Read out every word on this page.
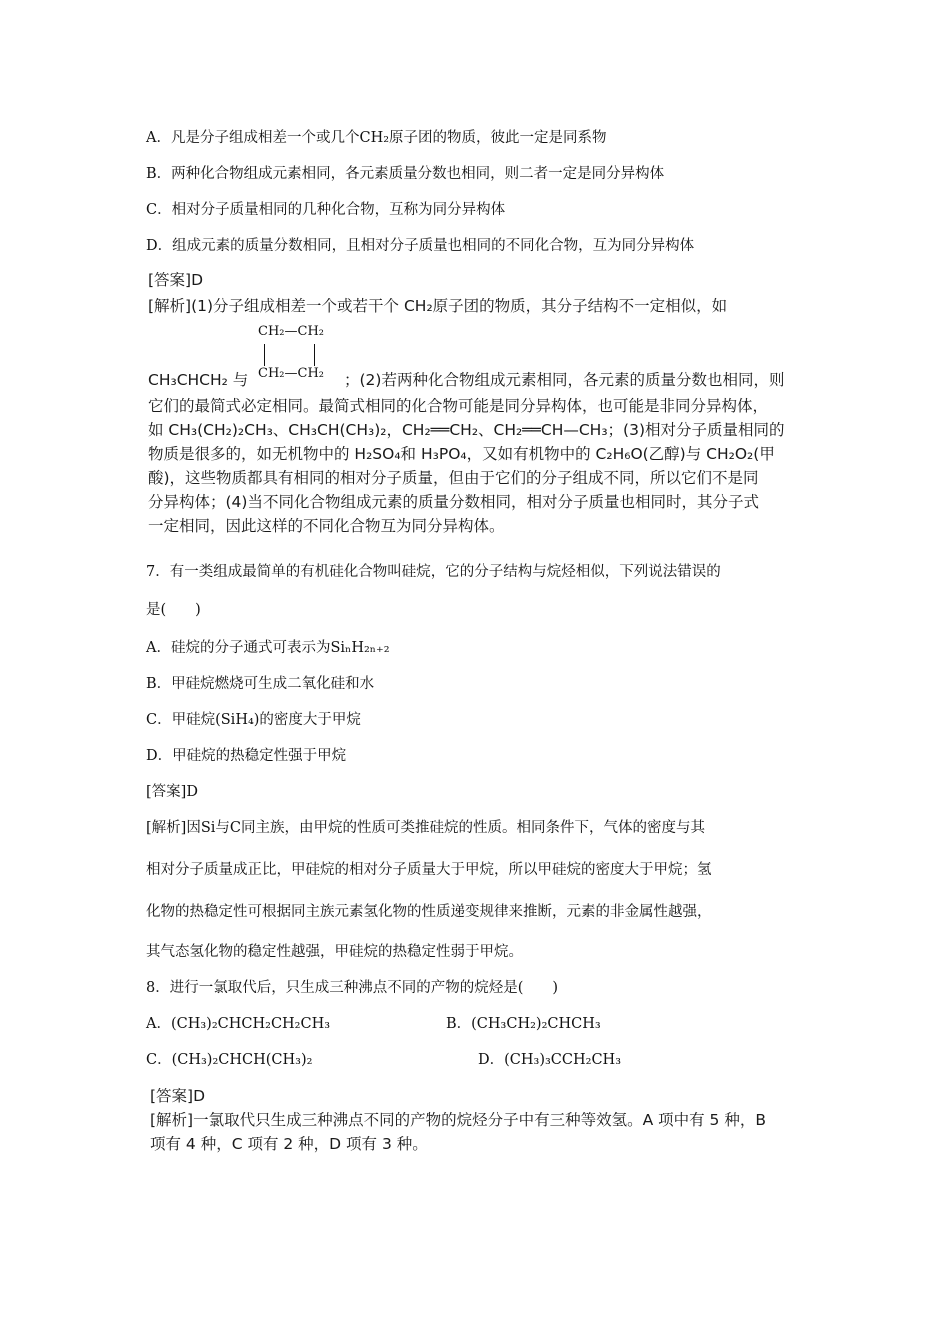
A．凡是分子组成相差一个或几个CH₂原子团的物质，彼此一定是同系物
B．两种化合物组成元素相同，各元素质量分数也相同，则二者一定是同分异构体
C．相对分子质量相同的几种化合物，互称为同分异构体
D．组成元素的质量分数相同，且相对分子质量也相同的不同化合物，互为同分异构体
[答案]D
[解析](1)分子组成相差一个或若干个 CH₂原子团的物质，其分子结构不一定相似，如
CH₂—CH₂
CH₂—CH₂
CH₃CHCH₂ 与	；(2)若两种化合物组成元素相同，各元素的质量分数也相同，则
它们的最简式必定相同。最简式相同的化合物可能是同分异构体，也可能是非同分异构体，
如 CH₃(CH₂)₂CH₃、CH₃CH(CH₃)₂，CH₂══CH₂、CH₂══CH—CH₃；(3)相对分子质量相同的
物质是很多的，如无机物中的 H₂SO₄和 H₃PO₄，又如有机物中的 C₂H₆O(乙醇)与 CH₂O₂(甲
酸)，这些物质都具有相同的相对分子质量，但由于它们的分子组成不同，所以它们不是同
分异构体；(4)当不同化合物组成元素的质量分数相同，相对分子质量也相同时，其分子式
一定相同，因此这样的不同化合物互为同分异构体。
7．有一类组成最简单的有机硅化合物叫硅烷，它的分子结构与烷烃相似，下列说法错误的
是(　　)
A．硅烷的分子通式可表示为SiₙH₂ₙ₊₂
B．甲硅烷燃烧可生成二氧化硅和水
C．甲硅烷(SiH₄)的密度大于甲烷
D．甲硅烷的热稳定性强于甲烷
[答案]D
[解析]因Si与C同主族，由甲烷的性质可类推硅烷的性质。相同条件下，气体的密度与其
相对分子质量成正比，甲硅烷的相对分子质量大于甲烷，所以甲硅烷的密度大于甲烷；氢
化物的热稳定性可根据同主族元素氢化物的性质递变规律来推断，元素的非金属性越强，
其气态氢化物的稳定性越强，甲硅烷的热稳定性弱于甲烷。
8．进行一氯取代后，只生成三种沸点不同的产物的烷烃是(　　)
A．(CH₃)₂CHCH₂CH₂CH₃	B．(CH₃CH₂)₂CHCH₃
C．(CH₃)₂CHCH(CH₃)₂	D．(CH₃)₃CCH₂CH₃
[答案]D
[解析]一氯取代只生成三种沸点不同的产物的烷烃分子中有三种等效氢。A 项中有 5 种，B
项有 4 种，C 项有 2 种，D 项有 3 种。
